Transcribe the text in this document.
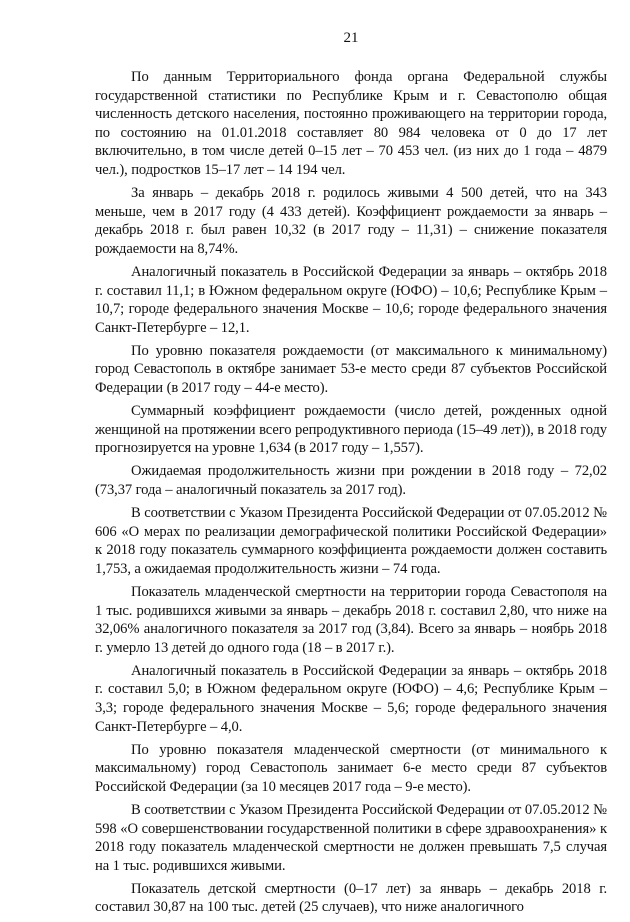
21

По данным Территориального фонда органа Федеральной службы государственной статистики по Республике Крым и г. Севастополю общая численность детского населения, постоянно проживающего на территории города, по состоянию на 01.01.2018 составляет 80 984 человека от 0 до 17 лет включительно, в том числе детей 0–15 лет – 70 453 чел. (из них до 1 года – 4879 чел.), подростков 15–17 лет – 14 194 чел.

За январь – декабрь 2018 г. родилось живыми 4 500 детей, что на 343 меньше, чем в 2017 году (4 433 детей). Коэффициент рождаемости за январь – декабрь 2018 г. был равен 10,32 (в 2017 году – 11,31) – снижение показателя рождаемости на 8,74%.

Аналогичный показатель в Российской Федерации за январь – октябрь 2018 г. составил 11,1; в Южном федеральном округе (ЮФО) – 10,6; Республике Крым – 10,7; городе федерального значения Москве – 10,6; городе федерального значения Санкт-Петербурге – 12,1.

По уровню показателя рождаемости (от максимального к минимальному) город Севастополь в октябре занимает 53-е место среди 87 субъектов Российской Федерации (в 2017 году – 44-е место).

Суммарный коэффициент рождаемости (число детей, рожденных одной женщиной на протяжении всего репродуктивного периода (15–49 лет)), в 2018 году прогнозируется на уровне 1,634 (в 2017 году – 1,557).

Ожидаемая продолжительность жизни при рождении в 2018 году – 72,02 (73,37 года – аналогичный показатель за 2017 год).

В соответствии с Указом Президента Российской Федерации от 07.05.2012 № 606 «О мерах по реализации демографической политики Российской Федерации» к 2018 году показатель суммарного коэффициента рождаемости должен составить 1,753, а ожидаемая продолжительность жизни – 74 года.

Показатель младенческой смертности на территории города Севастополя на 1 тыс. родившихся живыми за январь – декабрь 2018 г. составил 2,80, что ниже на 32,06% аналогичного показателя за 2017 год (3,84). Всего за январь – ноябрь 2018 г. умерло 13 детей до одного года (18 – в 2017 г.).

Аналогичный показатель в Российской Федерации за январь – октябрь 2018 г. составил 5,0; в Южном федеральном округе (ЮФО) – 4,6; Республике Крым – 3,3; городе федерального значения Москве – 5,6; городе федерального значения Санкт-Петербурге – 4,0.

По уровню показателя младенческой смертности (от минимального к максимальному) город Севастополь занимает 6-е место среди 87 субъектов Российской Федерации (за 10 месяцев 2017 года – 9-е место).

В соответствии с Указом Президента Российской Федерации от 07.05.2012 № 598 «О совершенствовании государственной политики в сфере здравоохранения» к 2018 году показатель младенческой смертности не должен превышать 7,5 случая на 1 тыс. родившихся живыми.

Показатель детской смертности (0–17 лет) за январь – декабрь 2018 г. составил 30,87 на 100 тыс. детей (25 случаев), что ниже аналогичного
